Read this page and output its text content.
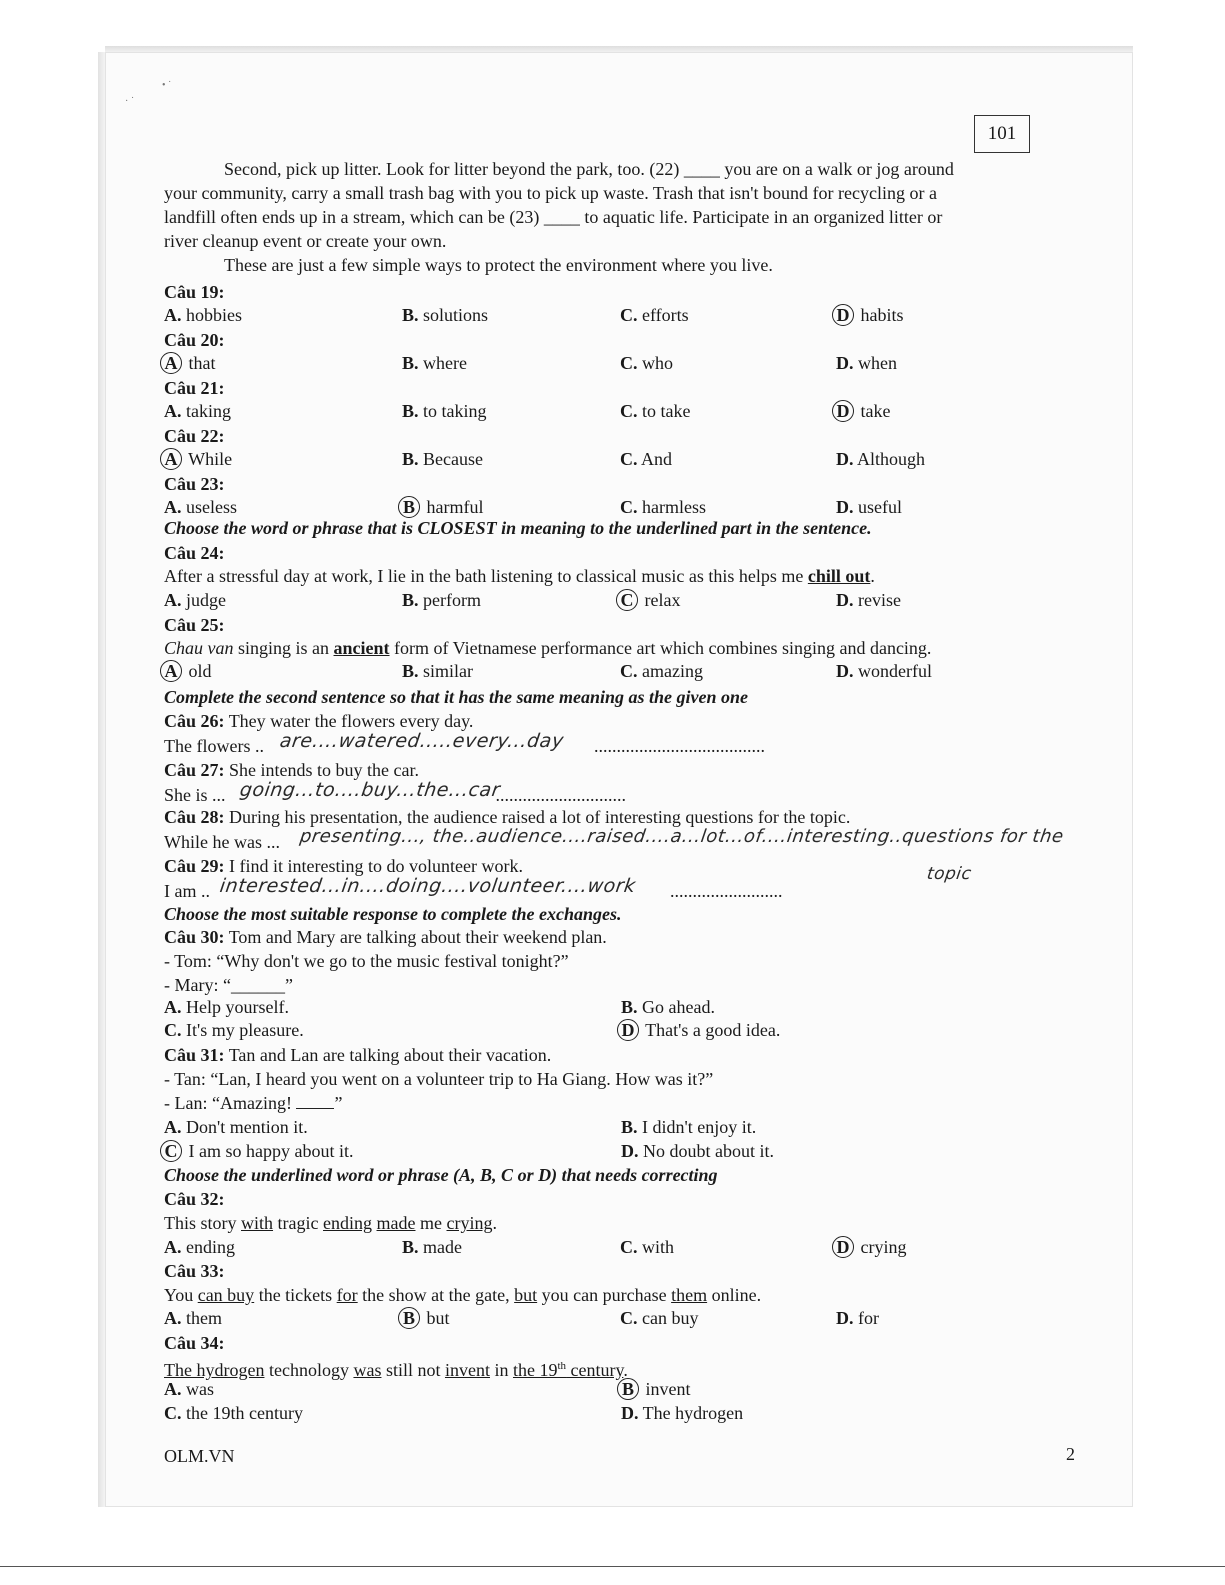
• ˙
· ˙
101
Second, pick up litter. Look for litter beyond the park, too. (22) ____ you are on a walk or jog around
your community, carry a small trash bag with you to pick up waste. Trash that isn't bound for recycling or a
landfill often ends up in a stream, which can be (23) ____ to aquatic life. Participate in an organized litter or
river cleanup event or create your own.
These are just a few simple ways to protect the environment where you live.
Câu 19:
A. hobbies	B. solutions	C. efforts	D habits
Câu 20:
A that	B. where	C. who	D. when
Câu 21:
A. taking	B. to taking	C. to take	D take
Câu 22:
A While	B. Because	C. And	D. Although
Câu 23:
A. useless	B harmful	C. harmless	D. useful
Choose the word or phrase that is CLOSEST in meaning to the underlined part in the sentence.
Câu 24:
After a stressful day at work, I lie in the bath listening to classical music as this helps me chill out.
A. judge	B. perform	C relax	D. revise
Câu 25:
Chau van singing is an ancient form of Vietnamese performance art which combines singing and dancing.
A old	B. similar	C. amazing	D. wonderful
Complete the second sentence so that it has the same meaning as the given one
Câu 26: They water the flowers every day.
The flowers ..	......................................
are....watered.....every...day
Câu 27: She intends to buy the car.
She is ...	.............................
going...to....buy...the...car
Câu 28: During his presentation, the audience raised a lot of interesting questions for the topic.
While he was ... presenting..., the..audience....raised....a...lot...of....interesting..questions for the
topic
Câu 29: I find it interesting to do volunteer work.
I am ..	.........................
interested...in....doing....volunteer....work
Choose the most suitable response to complete the exchanges.
Câu 30: Tom and Mary are talking about their weekend plan.
- Tom: “Why don't we go to the music festival tonight?”
- Mary: “______”
A. Help yourself.	B. Go ahead.
C. It's my pleasure.	D That's a good idea.
Câu 31: Tan and Lan are talking about their vacation.
- Tan: “Lan, I heard you went on a volunteer trip to Ha Giang. How was it?”
- Lan: “Amazing! ”
A. Don't mention it.	B. I didn't enjoy it.
C I am so happy about it.	D. No doubt about it.
Choose the underlined word or phrase (A, B, C or D) that needs correcting
Câu 32:
This story with tragic ending made me crying.
A. ending	B. made	C. with	D crying
Câu 33:
You can buy the tickets for the show at the gate, but you can purchase them online.
A. them	B but	C. can buy	D. for
Câu 34:
The hydrogen technology was still not invent in the 19th century.
A. was	B invent
C. the 19th century	D. The hydrogen
OLM.VN	2
